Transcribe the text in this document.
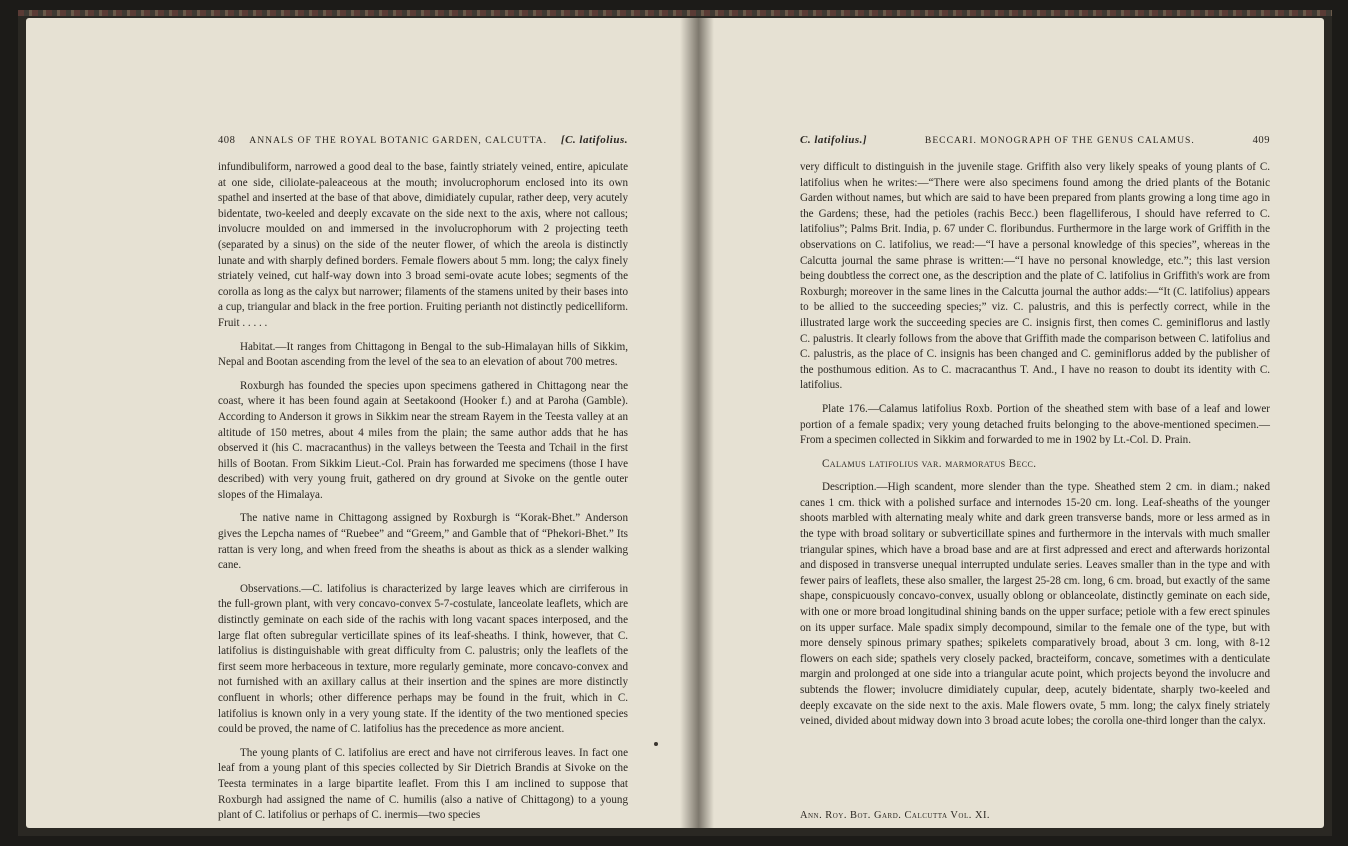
408 ANNALS OF THE ROYAL BOTANIC GARDEN, CALCUTTA. [C. latifolius.

infundibuliform, narrowed a good deal to the base, faintly striately veined, entire, apiculate at one side, ciliolate-paleaceous at the mouth; involucrophorum enclosed into its own spathel and inserted at the base of that above, dimidiately cupular, rather deep, very acutely bidentate, two-keeled and deeply excavate on the side next to the axis, where not callous; involucre moulded on and immersed in the involucrophorum with 2 projecting teeth (separated by a sinus) on the side of the neuter flower, of which the areola is distinctly lunate and with sharply defined borders. Female flowers about 5 mm. long; the calyx finely striately veined, cut half-way down into 3 broad semi-ovate acute lobes; segments of the corolla as long as the calyx but narrower; filaments of the stamens united by their bases into a cup, triangular and black in the free portion. Fruiting perianth not distinctly pedicelliform. Fruit . . . . .

Habitat.—It ranges from Chittagong in Bengal to the sub-Himalayan hills of Sikkim, Nepal and Bootan ascending from the level of the sea to an elevation of about 700 metres.

Roxburgh has founded the species upon specimens gathered in Chittagong near the coast, where it has been found again at Seetakoond (Hooker f.) and at Paroha (Gamble). According to Anderson it grows in Sikkim near the stream Rayem in the Teesta valley at an altitude of 150 metres, about 4 miles from the plain; the same author adds that he has observed it (his C. macracanthus) in the valleys between the Teesta and Tchail in the first hills of Bootan. From Sikkim Lieut.-Col. Prain has forwarded me specimens (those I have described) with very young fruit, gathered on dry ground at Sivoke on the gentle outer slopes of the Himalaya.

The native name in Chittagong assigned by Roxburgh is “Korak-Bhet.” Anderson gives the Lepcha names of “Ruebee” and “Greem,” and Gamble that of “Phekori-Bhet.” Its rattan is very long, and when freed from the sheaths is about as thick as a slender walking cane.

Observations.—C. latifolius is characterized by large leaves which are cirriferous in the full-grown plant, with very concavo-convex 5-7-costulate, lanceolate leaflets, which are distinctly geminate on each side of the rachis with long vacant spaces interposed, and the large flat often subregular verticillate spines of its leaf-sheaths. I think, however, that C. latifolius is distinguishable with great difficulty from C. palustris; only the leaflets of the first seem more herbaceous in texture, more regularly geminate, more concavo-convex and not furnished with an axillary callus at their insertion and the spines are more distinctly confluent in whorls; other difference perhaps may be found in the fruit, which in C. latifolius is known only in a very young state. If the identity of the two mentioned species could be proved, the name of C. latifolius has the precedence as more ancient.

The young plants of C. latifolius are erect and have not cirriferous leaves. In fact one leaf from a young plant of this species collected by Sir Dietrich Brandis at Sivoke on the Teesta terminates in a large bipartite leaflet. From this I am inclined to suppose that Roxburgh had assigned the name of C. humilis (also a native of Chittagong) to a young plant of C. latifolius or perhaps of C. inermis—two species

C. latifolius.]	BECCARI. MONOGRAPH OF THE GENUS CALAMUS.	409

very difficult to distinguish in the juvenile stage. Griffith also very likely speaks of young plants of C. latifolius when he writes:—“There were also specimens found among the dried plants of the Botanic Garden without names, but which are said to have been prepared from plants growing a long time ago in the Gardens; these, had the petioles (rachis Becc.) been flagelliferous, I should have referred to C. latifolius”; Palms Brit. India, p. 67 under C. floribundus. Furthermore in the large work of Griffith in the observations on C. latifolius, we read:—“I have a personal knowledge of this species”, whereas in the Calcutta journal the same phrase is written:—“I have no personal knowledge, etc.”; this last version being doubtless the correct one, as the description and the plate of C. latifolius in Griffith's work are from Roxburgh; moreover in the same lines in the Calcutta journal the author adds:—“It (C. latifolius) appears to be allied to the succeeding species;” viz. C. palustris, and this is perfectly correct, while in the illustrated large work the succeeding species are C. insignis first, then comes C. geminiflorus and lastly C. palustris. It clearly follows from the above that Griffith made the comparison between C. latifolius and C. palustris, as the place of C. insignis has been changed and C. geminiflorus added by the publisher of the posthumous edition. As to C. macracanthus T. And., I have no reason to doubt its identity with C. latifolius.

Plate 176.—Calamus latifolius Roxb. Portion of the sheathed stem with base of a leaf and lower portion of a female spadix; very young detached fruits belonging to the above-mentioned specimen.—From a specimen collected in Sikkim and forwarded to me in 1902 by Lt.-Col. D. Prain.

Calamus latifolius var. marmoratus Becc.

Description.—High scandent, more slender than the type. Sheathed stem 2 cm. in diam.; naked canes 1 cm. thick with a polished surface and internodes 15-20 cm. long. Leaf-sheaths of the younger shoots marbled with alternating mealy white and dark green transverse bands, more or less armed as in the type with broad solitary or subverticillate spines and furthermore in the intervals with much smaller triangular spines, which have a broad base and are at first adpressed and erect and afterwards horizontal and disposed in transverse unequal interrupted undulate series. Leaves smaller than in the type and with fewer pairs of leaflets, these also smaller, the largest 25-28 cm. long, 6 cm. broad, but exactly of the same shape, conspicuously concavo-convex, usually oblong or oblanceolate, distinctly geminate on each side, with one or more broad longitudinal shining bands on the upper surface; petiole with a few erect spinules on its upper surface. Male spadix simply decompound, similar to the female one of the type, but with more densely spinous primary spathes; spikelets comparatively broad, about 3 cm. long, with 8-12 flowers on each side; spathels very closely packed, bracteiform, concave, sometimes with a denticulate margin and prolonged at one side into a triangular acute point, which projects beyond the involucre and subtends the flower; involucre dimidiately cupular, deep, acutely bidentate, sharply two-keeled and deeply excavate on the side next to the axis. Male flowers ovate, 5 mm. long; the calyx finely striately veined, divided about midway down into 3 broad acute lobes; the corolla one-third longer than the calyx.

Ann. Roy. Bot. Gard. Calcutta Vol. XI.
